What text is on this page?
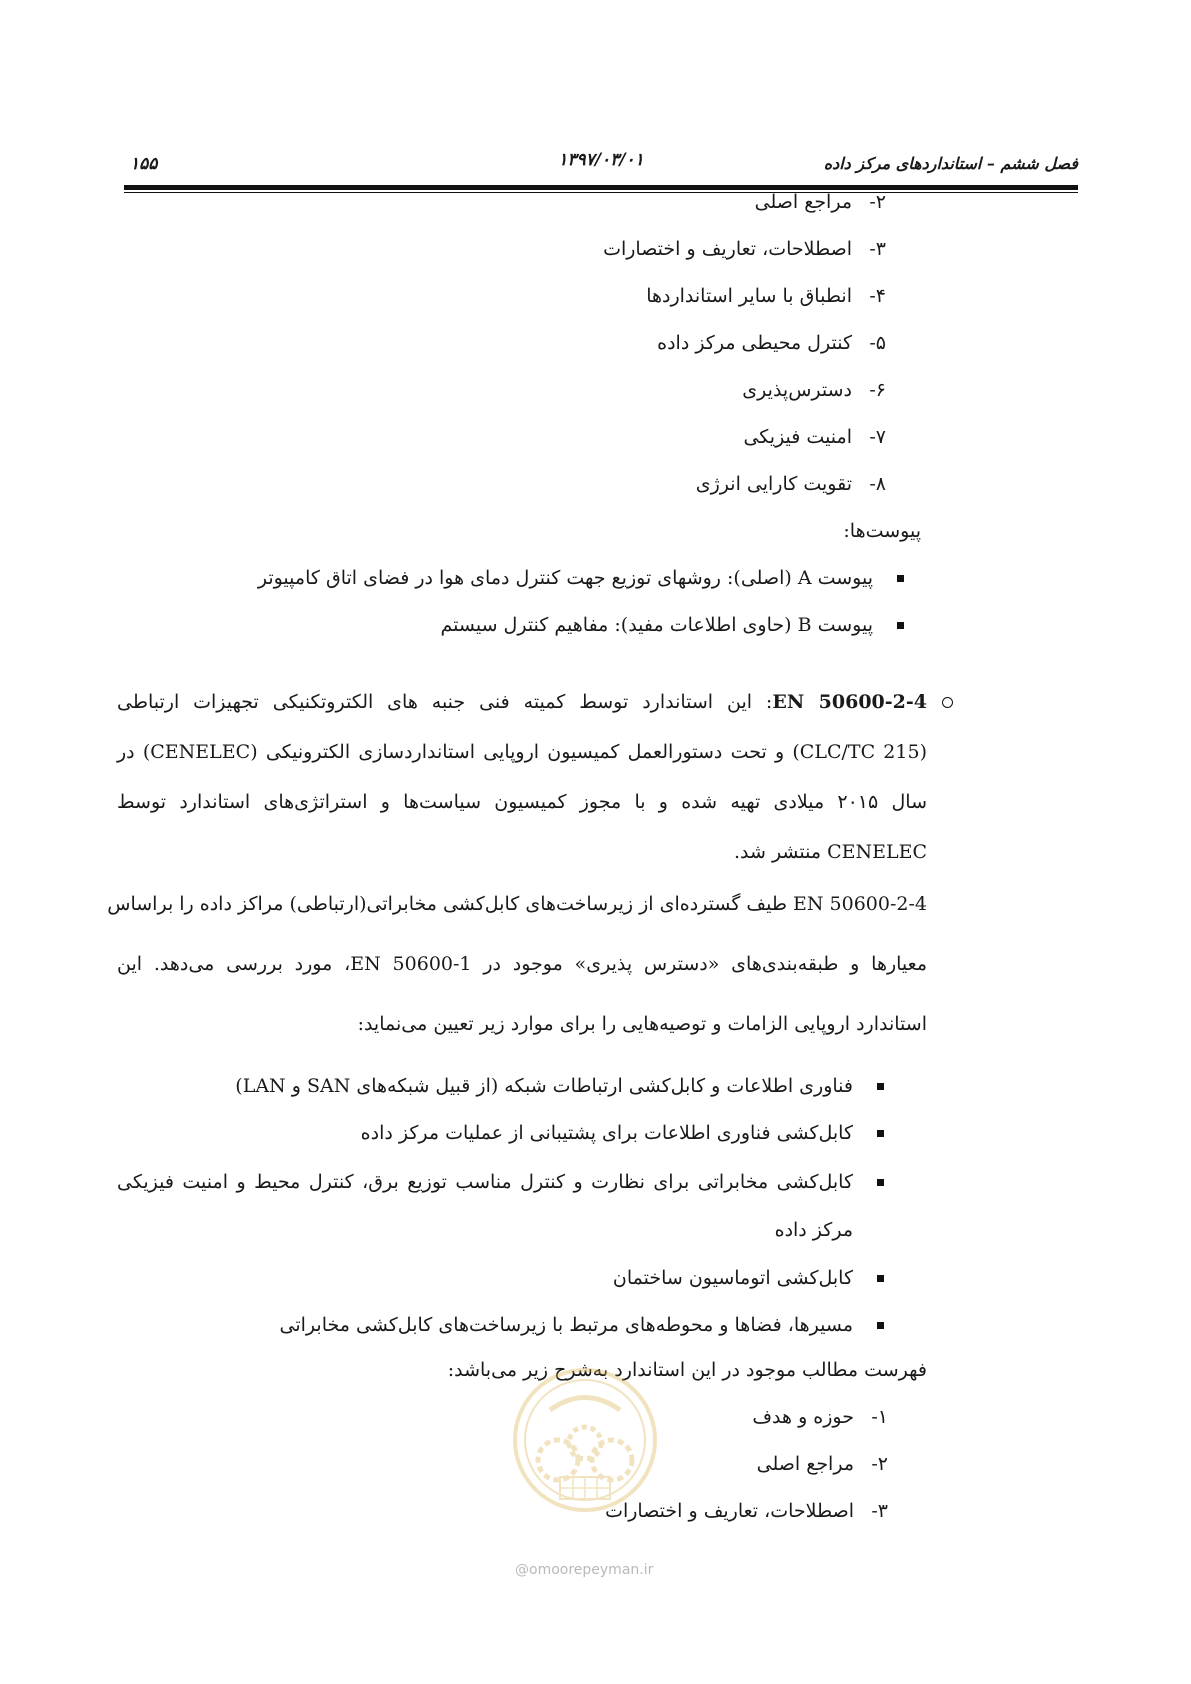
فصل ششم – استانداردهای مرکز داده
۱۳۹۷/۰۳/۰۱
۱۵۵
۲-مراجع اصلی
۳-اصطلاحات، تعاریف و اختصارات
۴-انطباق با سایر استانداردها
۵-کنترل محیطی مرکز داده
۶-دسترس‌پذیری
۷-امنیت فیزیکی
۸-تقویت کارایی انرژی
پیوست‌ها:
پیوست A (اصلی): روشهای توزیع جهت کنترل دمای هوا در فضای اتاق کامپیوتر
پیوست B (حاوی اطلاعات مفید): مفاهیم کنترل سیستم
EN 50600-2-4: این استاندارد توسط کمیته فنی جنبه های الکتروتکنیکی تجهیزات ارتباطی
(CLC/TC 215) و تحت دستورالعمل کمیسیون اروپایی استانداردسازی الکترونیکی (CENELEC) در
سال ۲۰۱۵ میلادی تهیه شده و با مجوز کمیسیون سیاست‌ها و استراتژی‌های استاندارد توسط
CENELEC منتشر شد.
EN 50600-2-4 طیف گسترده‌ای از زیرساخت‌های کابل‌کشی مخابراتی(ارتباطی) مراکز داده را براساس
معیارها و طبقه‌بندی‌های «دسترس پذیری» موجود در EN 50600-1، مورد بررسی می‌دهد. این
استاندارد اروپایی الزامات و توصیه‌هایی را برای موارد زیر تعیین می‌نماید:
فناوری اطلاعات و کابل‌کشی ارتباطات شبکه (از قبیل شبکه‌های SAN و LAN)
کابل‌کشی فناوری اطلاعات برای پشتیبانی از عملیات مرکز داده
کابل‌کشی مخابراتی برای نظارت و کنترل مناسب توزیع برق، کنترل محیط و امنیت فیزیکی
مرکز داده
کابل‌کشی اتوماسیون ساختمان
مسیرها، فضاها و محوطه‌های مرتبط با زیرساخت‌های کابل‌کشی مخابراتی
فهرست مطالب موجود در این استاندارد به‌شرح زیر می‌باشد:
۱-حوزه و هدف
۲-مراجع اصلی
۳-اصطلاحات، تعاریف و اختصارات
@omoorepeyman.ir
